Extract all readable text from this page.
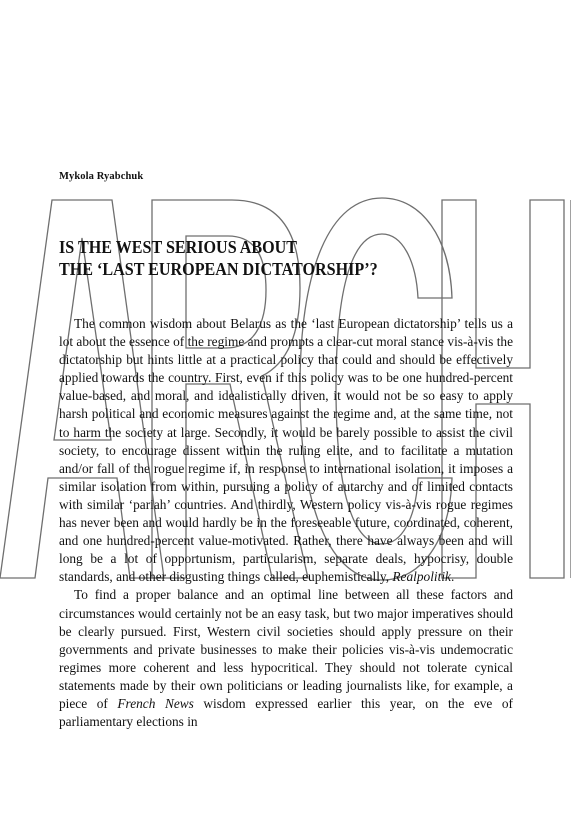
Mykola Ryabchuk
IS THE WEST SERIOUS ABOUT
THE ‘LAST EUROPEAN DICTATORSHIP’?

The common wisdom about Belarus as the ‘last European dictatorship’ tells us a lot about the essence of the regime and prompts a clear-cut moral stance vis-à-vis the dictatorship but hints little at a practical policy that could and should be effectively applied towards the country. First, even if this policy was to be one hundred-percent value-based, and moral, and idealistically driven, it would not be so easy to apply harsh political and economic measures against the regime and, at the same time, not to harm the society at large. Secondly, it would be barely possible to assist the civil society, to encourage dissent within the ruling elite, and to facilitate a mutation and/or fall of the rogue regime if, in response to international isolation, it imposes a similar isolation from within, pursuing a policy of autarchy and of limited contacts with similar ‘pariah’ countries. And thirdly, Western policy vis-à-vis rogue regimes has never been and would hardly be in the foreseeable future, coordinated, coherent, and one hundred-percent value-motivated. Rather, there have always been and will long be a lot of opportunism, particularism, separate deals, hypocrisy, double standards, and other disgusting things called, euphemistically, Realpolitik.

To find a proper balance and an optimal line between all these factors and circumstances would certainly not be an easy task, but two major imperatives should be clearly pursued. First, Western civil societies should apply pressure on their governments and private businesses to make their policies vis-à-vis undemocratic regimes more coherent and less hypocritical. They should not tolerate cynical statements made by their own politicians or leading journalists like, for example, a piece of French News wisdom expressed earlier this year, on the eve of parliamentary elections in
